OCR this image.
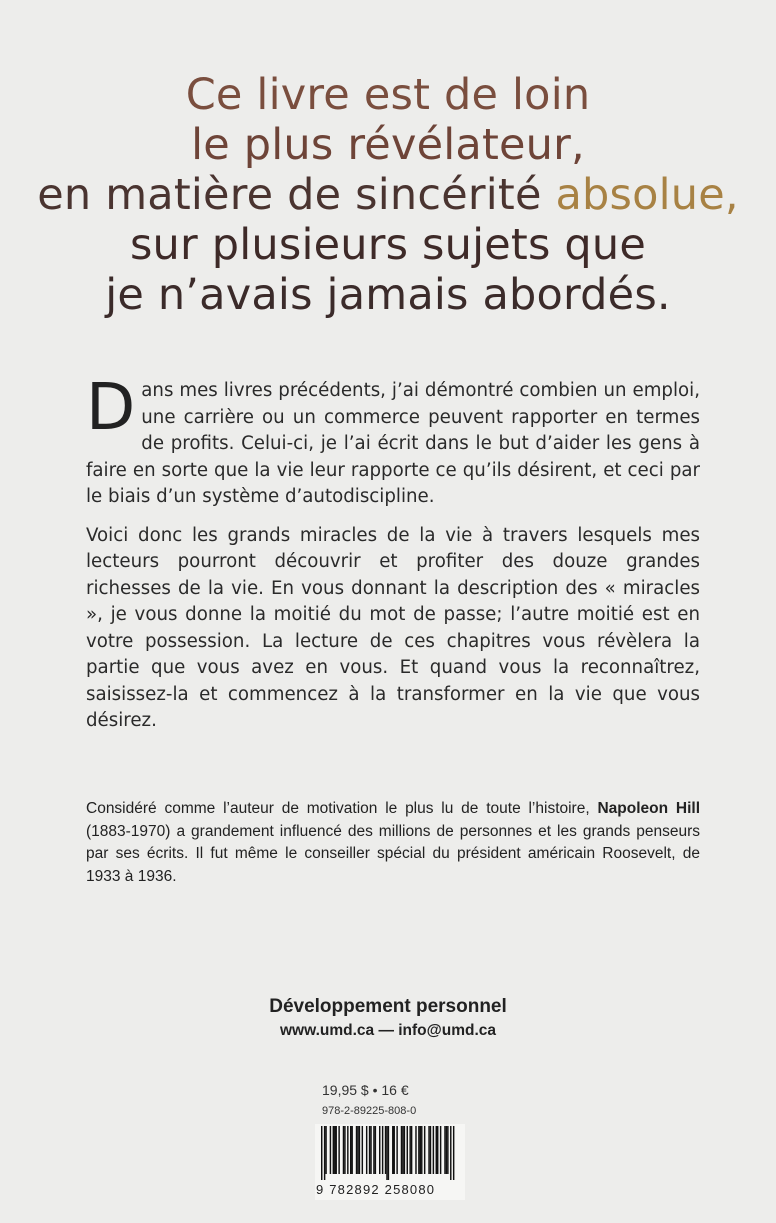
Ce livre est de loin
le plus révélateur,
en matière de sincérité absolue,
sur plusieurs sujets que
je n’avais jamais abordés.

Dans mes livres précédents, j’ai démontré combien un emploi, une carrière ou un commerce peuvent rapporter en termes de profits. Celui-ci, je l’ai écrit dans le but d’aider les gens à faire en sorte que la vie leur rapporte ce qu’ils désirent, et ceci par le biais d’un système d’autodiscipline.

Voici donc les grands miracles de la vie à travers lesquels mes lecteurs pourront découvrir et profiter des douze grandes richesses de la vie. En vous donnant la description des « miracles », je vous donne la moitié du mot de passe; l’autre moitié est en votre possession. La lecture de ces chapitres vous révèlera la partie que vous avez en vous. Et quand vous la reconnaîtrez, saisissez-la et commencez à la transformer en la vie que vous désirez.

Considéré comme l’auteur de motivation le plus lu de toute l’histoire, Napoleon Hill (1883-1970) a grandement influencé des millions de personnes et les grands penseurs par ses écrits. Il fut même le conseiller spécial du président américain Roosevelt, de 1933 à 1936.
Développement personnel
www.umd.ca — info@umd.ca
19,95 $ • 16 €
978-2-89225-808-0
9 782892 258080
